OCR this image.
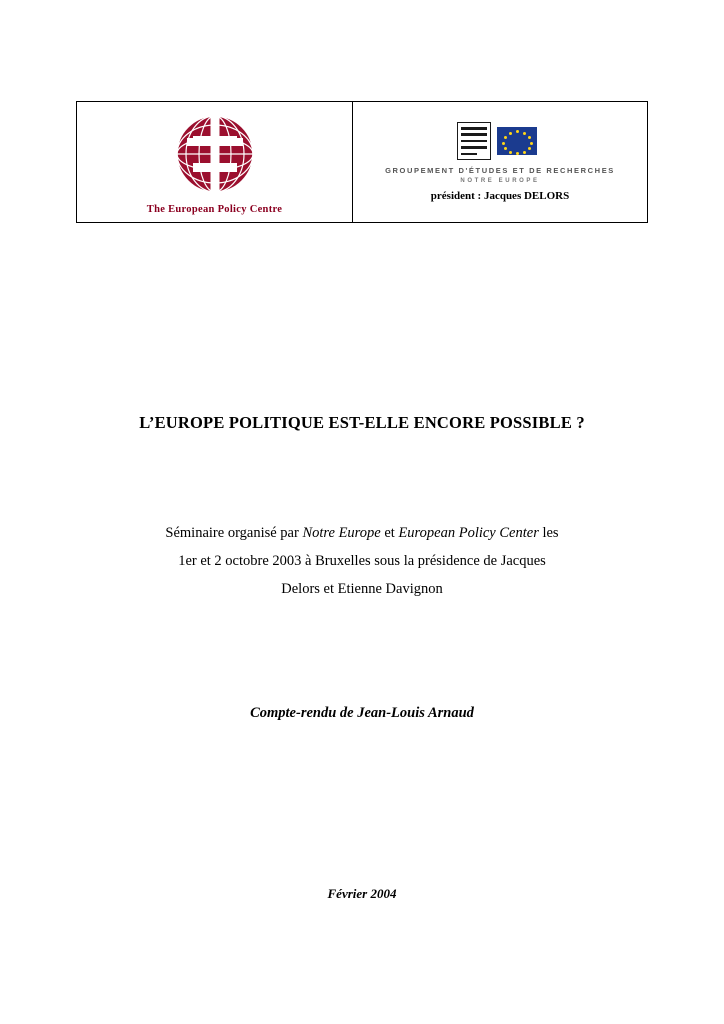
The European Policy Centre
GROUPEMENT D'ÉTUDES ET DE RECHERCHES
NOTRE EUROPE
président : Jacques DELORS
L’EUROPE POLITIQUE EST-ELLE ENCORE POSSIBLE ?
Séminaire organisé par Notre Europe et European Policy Center les 1er et 2 octobre 2003 à Bruxelles sous la présidence de Jacques Delors et Etienne Davignon
Compte-rendu de Jean-Louis Arnaud
Février 2004
